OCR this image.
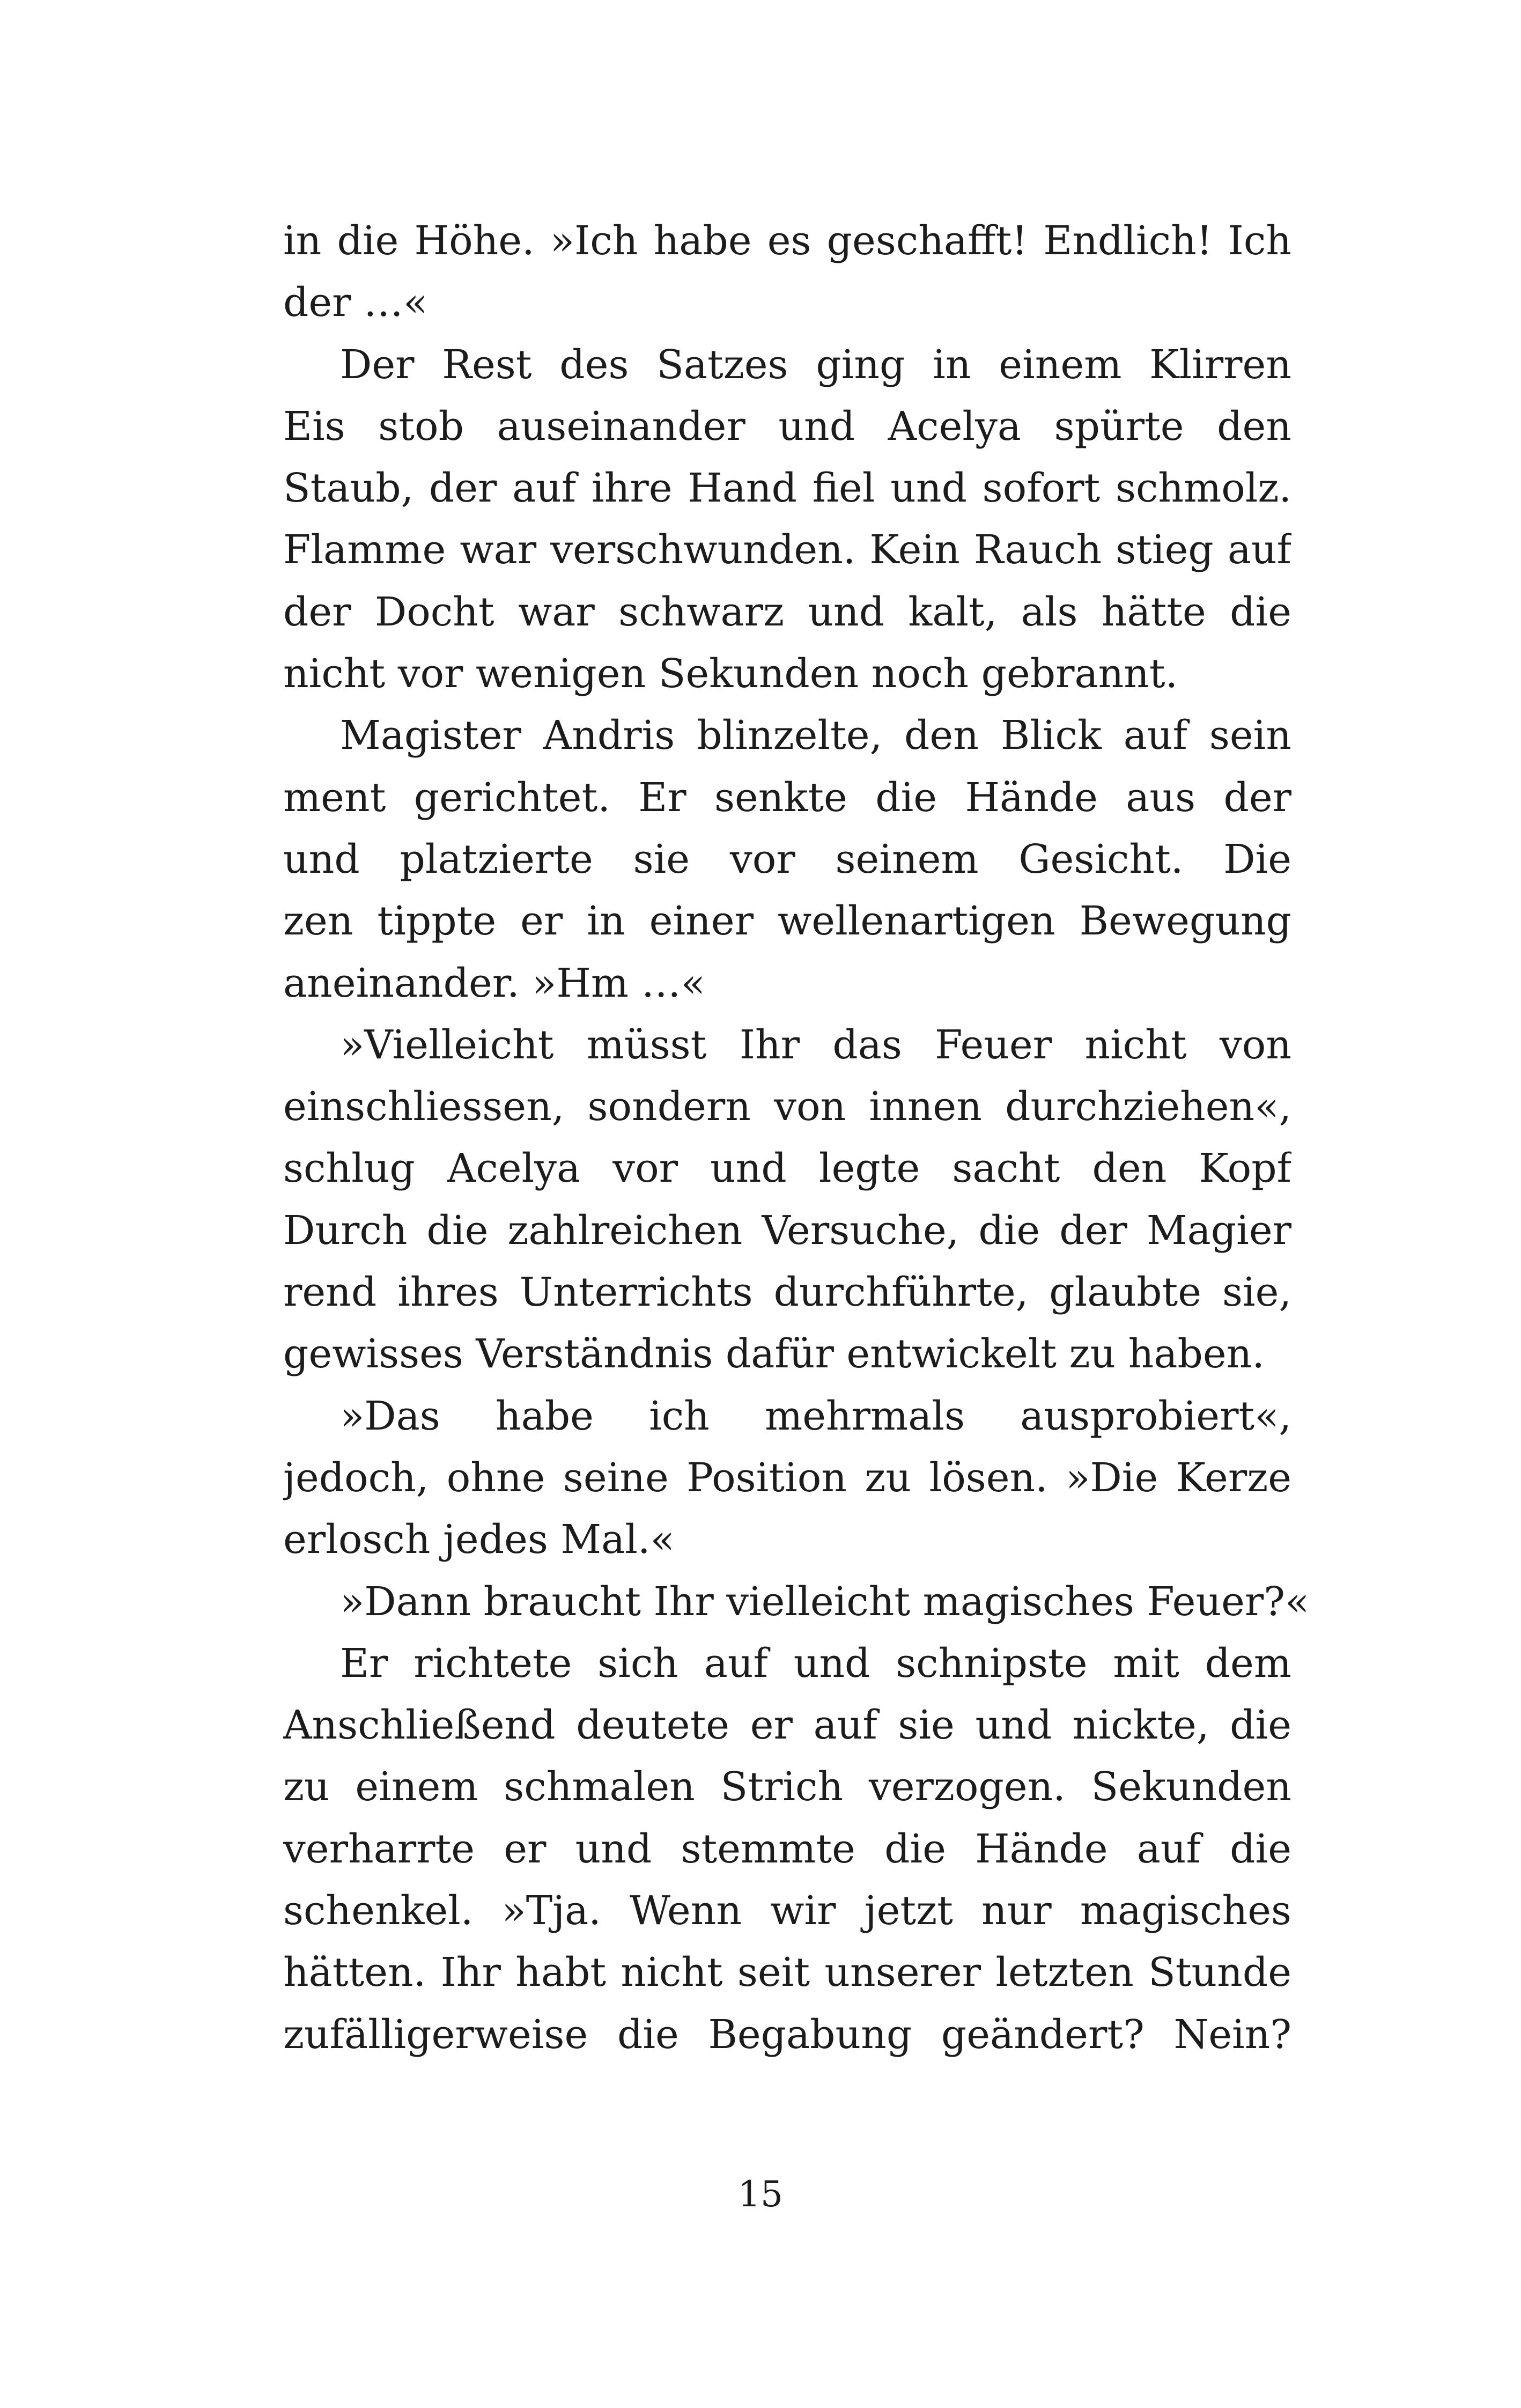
in die Höhe. »Ich habe es geschafft! Endlich! Ich
der …«
Der Rest des Satzes ging in einem Klirren
Eis stob auseinander und Acelya spürte den
Staub, der auf ihre Hand fiel und sofort schmolz.
Flamme war verschwunden. Kein Rauch stieg auf
der Docht war schwarz und kalt, als hätte die
nicht vor wenigen Sekunden noch gebrannt.
Magister Andris blinzelte, den Blick auf sein
ment gerichtet. Er senkte die Hände aus der
und platzierte sie vor seinem Gesicht. Die
zen tippte er in einer wellenartigen Bewegung
aneinander. »Hm …«
»Vielleicht müsst Ihr das Feuer nicht von
einschliessen, sondern von innen durchziehen«,
schlug Acelya vor und legte sacht den Kopf
Durch die zahlreichen Versuche, die der Magier
rend ihres Unterrichts durchführte, glaubte sie,
gewisses Verständnis dafür entwickelt zu haben.
»Das habe ich mehrmals ausprobiert«,
jedoch, ohne seine Position zu lösen. »Die Kerze
erlosch jedes Mal.«
»Dann braucht Ihr vielleicht magisches Feuer?«
Er richtete sich auf und schnipste mit dem
Anschließend deutete er auf sie und nickte, die
zu einem schmalen Strich verzogen. Sekunden
verharrte er und stemmte die Hände auf die
schenkel. »Tja. Wenn wir jetzt nur magisches
hätten. Ihr habt nicht seit unserer letzten Stunde
zufälligerweise die Begabung geändert? Nein?
15
